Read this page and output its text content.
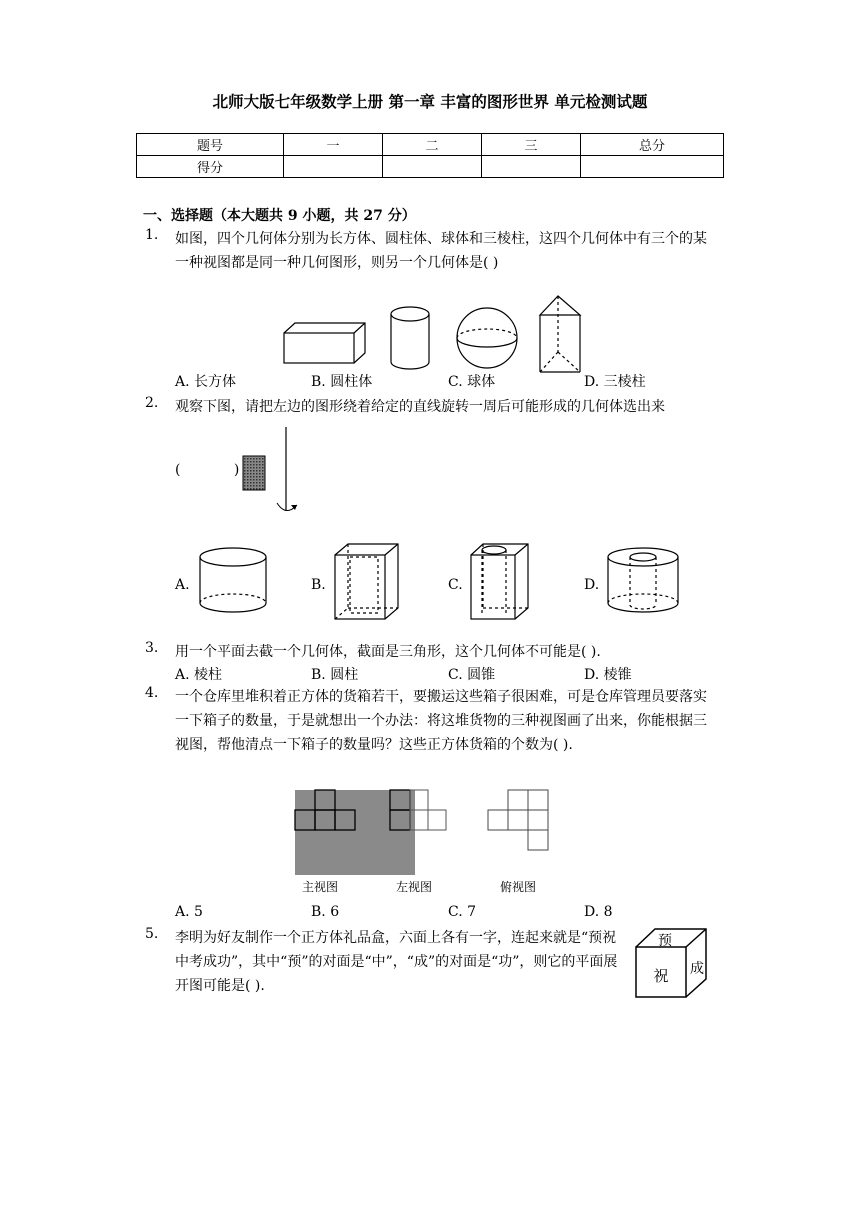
北师大版七年级数学上册 第一章 丰富的图形世界 单元检测试题
题号	一	二	三	总分
得分				
一、选择题（本大题共 9 小题，共 27 分）
1.	如图，四个几何体分别为长方体、圆柱体、球体和三棱柱，这四个几何体中有三个的某一种视图都是同一种几何图形，则另一个几何体是( )
A. 长方体	B. 圆柱体	C. 球体	D. 三棱柱
2.	观察下图，请把左边的图形绕着给定的直线旋转一周后可能形成的几何体选出来
(            )
A.	B.	C.	D.
3.	用一个平面去截一个几何体，截面是三角形，这个几何体不可能是( ).
A. 棱柱	B. 圆柱	C. 圆锥	D. 棱锥
4.	一个仓库里堆积着正方体的货箱若干，要搬运这些箱子很困难，可是仓库管理员要落实一下箱子的数量，于是就想出一个办法：将这堆货物的三种视图画了出来，你能根据三视图，帮他清点一下箱子的数量吗？这些正方体货箱的个数为( ).
主视图	左视图	俯视图
A. 5	B. 6	C. 7	D. 8
5.	李明为好友制作一个正方体礼品盒，六面上各有一字，连起来就是“预祝中考成功”，其中“预”的对面是“中”，“成”的对面是“功”，则它的平面展开图可能是( ).
预
祝 成
